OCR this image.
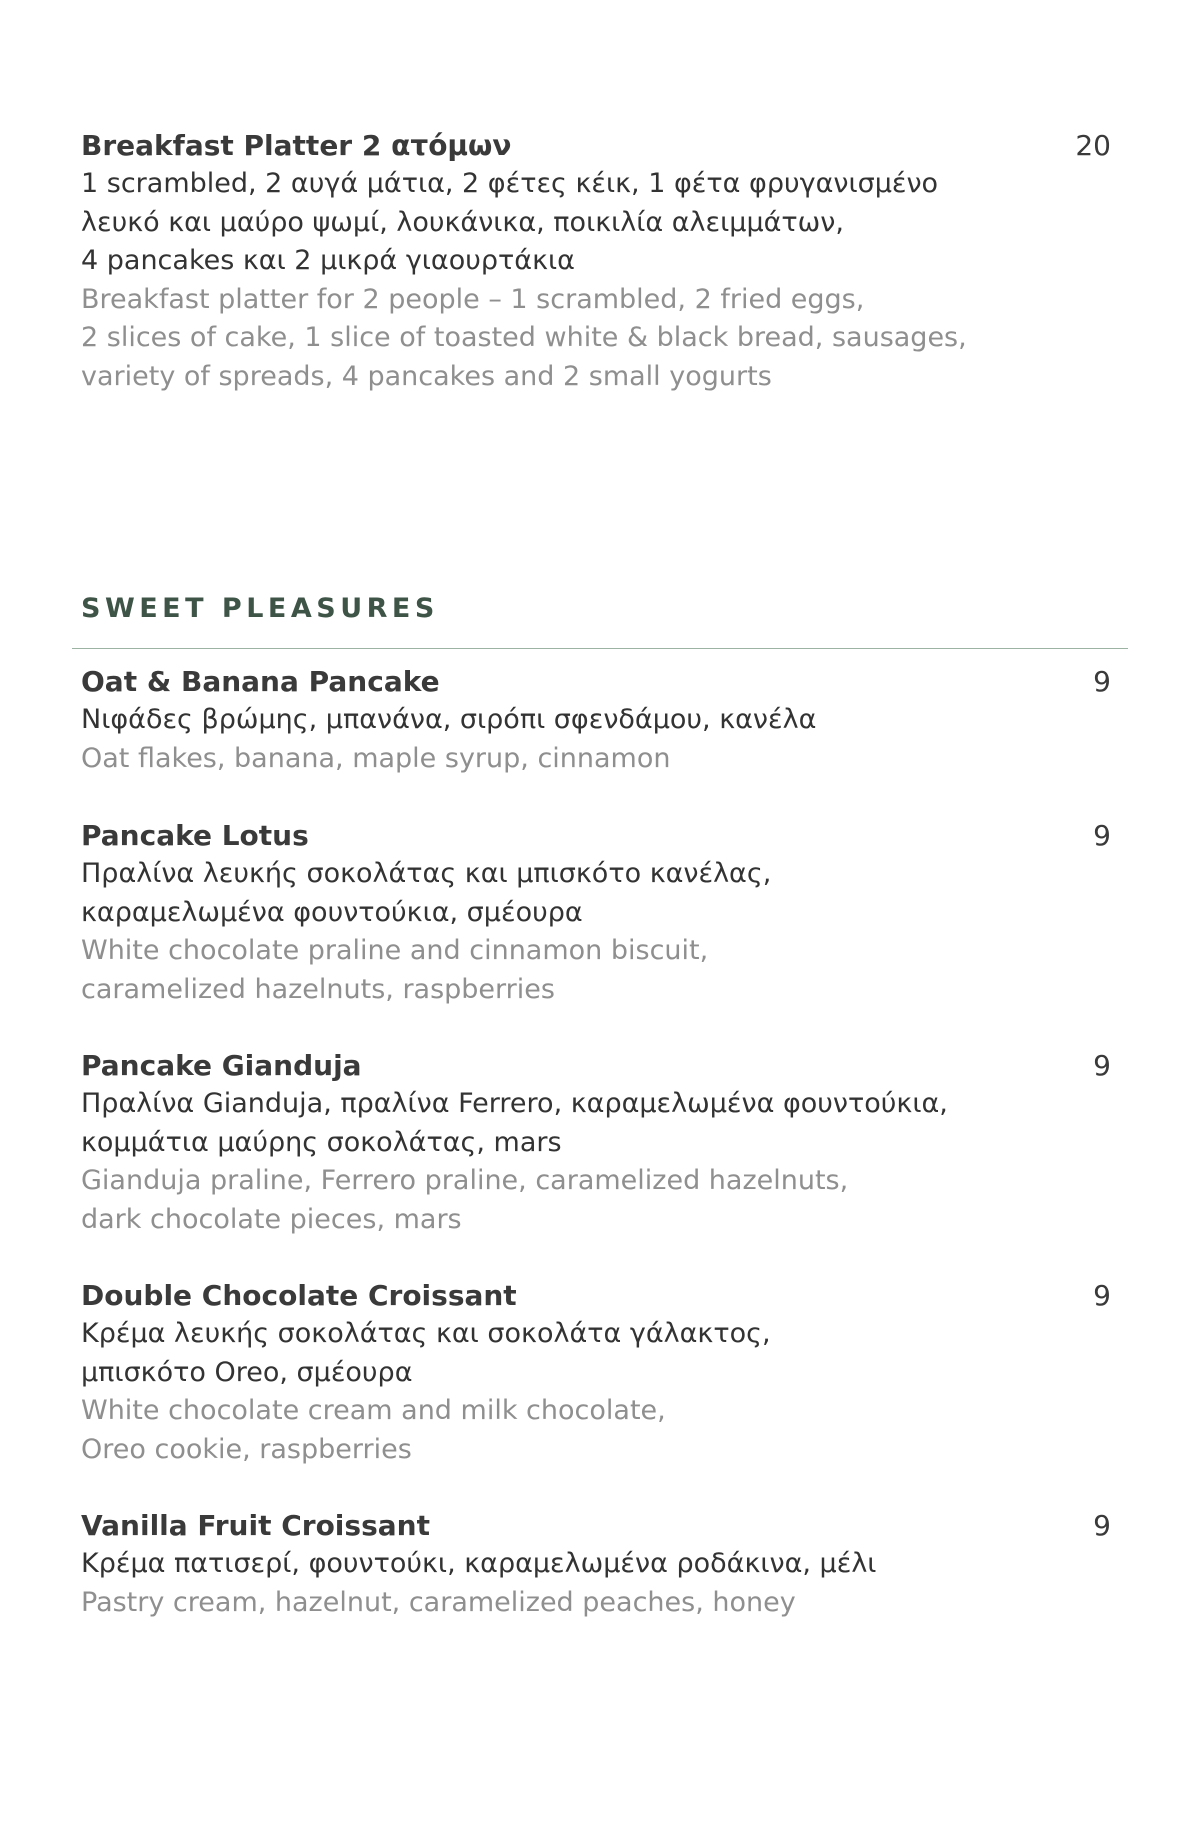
Breakfast Platter 2 ατόμων	20

1 scrambled, 2 αυγά μάτια, 2 φέτες κέικ, 1 φέτα φρυγανισμένο
λευκό και μαύρο ψωμί, λουκάνικα, ποικιλία αλειμμάτων,
4 pancakes και 2 μικρά γιαουρτάκια

Breakfast platter for 2 people – 1 scrambled, 2 fried eggs,
2 slices of cake, 1 slice of toasted white & black bread, sausages,
variety of spreads, 4 pancakes and 2 small yogurts

SWEET PLEASURES

Oat & Banana Pancake	9

Νιφάδες βρώμης, μπανάνα, σιρόπι σφενδάμου, κανέλα

Oat flakes, banana, maple syrup, cinnamon

Pancake Lotus	9

Πραλίνα λευκής σοκολάτας και μπισκότο κανέλας,
καραμελωμένα φουντούκια, σμέουρα

White chocolate praline and cinnamon biscuit,
caramelized hazelnuts, raspberries

Pancake Gianduja	9

Πραλίνα Gianduja, πραλίνα Ferrero, καραμελωμένα φουντούκια,
κομμάτια μαύρης σοκολάτας, mars

Gianduja praline, Ferrero praline, caramelized hazelnuts,
dark chocolate pieces, mars

Double Chocolate Croissant	9

Κρέμα λευκής σοκολάτας και σοκολάτα γάλακτος,
μπισκότο Oreo, σμέουρα

White chocolate cream and milk chocolate,
Oreo cookie, raspberries

Vanilla Fruit Croissant	9

Κρέμα πατισερί, φουντούκι, καραμελωμένα ροδάκινα, μέλι

Pastry cream, hazelnut, caramelized peaches, honey
